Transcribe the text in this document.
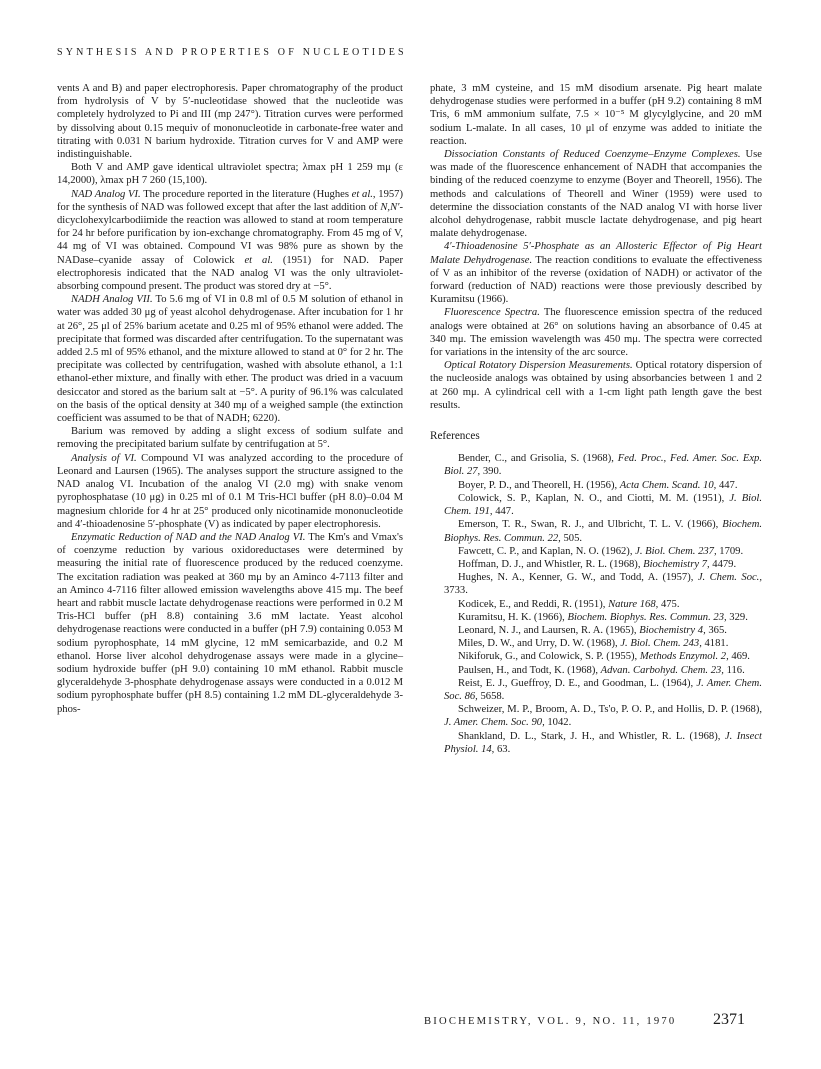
SYNTHESIS AND PROPERTIES OF NUCLEOTIDES

vents A and B) and paper electrophoresis. Paper chromatography of the product from hydrolysis of V by 5′-nucleotidase showed that the nucleotide was completely hydrolyzed to Pi and III (mp 247°). Titration curves were performed by dissolving about 0.15 mequiv of mononucleotide in carbonate-free water and titrating with 0.031 N barium hydroxide. Titration curves for V and AMP were indistinguishable.

Both V and AMP gave identical ultraviolet spectra; λmax pH 1 259 mμ (ε 14,2000), λmax pH 7 260 (15,100).

NAD Analog VI. The procedure reported in the literature (Hughes et al., 1957) for the synthesis of NAD was followed except that after the last addition of N,N′-dicyclohexylcarbodiimide the reaction was allowed to stand at room temperature for 24 hr before purification by ion-exchange chromatography. From 45 mg of V, 44 mg of VI was obtained. Compound VI was 98% pure as shown by the NADase–cyanide assay of Colowick et al. (1951) for NAD. Paper electrophoresis indicated that the NAD analog VI was the only ultraviolet-absorbing compound present. The product was stored dry at −5°.

NADH Analog VII. To 5.6 mg of VI in 0.8 ml of 0.5 M solution of ethanol in water was added 30 μg of yeast alcohol dehydrogenase. After incubation for 1 hr at 26°, 25 μl of 25% barium acetate and 0.25 ml of 95% ethanol were added. The precipitate that formed was discarded after centrifugation. To the supernatant was added 2.5 ml of 95% ethanol, and the mixture allowed to stand at 0° for 2 hr. The precipitate was collected by centrifugation, washed with absolute ethanol, a 1:1 ethanol-ether mixture, and finally with ether. The product was dried in a vacuum desiccator and stored as the barium salt at −5°. A purity of 96.1% was calculated on the basis of the optical density at 340 mμ of a weighed sample (the extinction coefficient was assumed to be that of NADH; 6220).

Barium was removed by adding a slight excess of sodium sulfate and removing the precipitated barium sulfate by centrifugation at 5°.

Analysis of VI. Compound VI was analyzed according to the procedure of Leonard and Laursen (1965). The analyses support the structure assigned to the NAD analog VI. Incubation of the analog VI (2.0 mg) with snake venom pyrophosphatase (10 μg) in 0.25 ml of 0.1 M Tris-HCl buffer (pH 8.0)–0.04 M magnesium chloride for 4 hr at 25° produced only nicotinamide mononucleotide and 4′-thioadenosine 5′-phosphate (V) as indicated by paper electrophoresis.

Enzymatic Reduction of NAD and the NAD Analog VI. The Km's and Vmax's of coenzyme reduction by various oxidoreductases were determined by measuring the initial rate of fluorescence produced by the reduced coenzyme. The excitation radiation was peaked at 360 mμ by an Aminco 4-7113 filter and an Aminco 4-7116 filter allowed emission wavelengths above 415 mμ. The beef heart and rabbit muscle lactate dehydrogenase reactions were performed in 0.2 M Tris-HCl buffer (pH 8.8) containing 3.6 mM lactate. Yeast alcohol dehydrogenase reactions were conducted in a buffer (pH 7.9) containing 0.053 M sodium pyrophosphate, 14 mM glycine, 12 mM semicarbazide, and 0.2 M ethanol. Horse liver alcohol dehydrogenase assays were made in a glycine–sodium hydroxide buffer (pH 9.0) containing 10 mM ethanol. Rabbit muscle glyceraldehyde 3-phosphate dehydrogenase assays were conducted in a 0.012 M sodium pyrophosphate buffer (pH 8.5) containing 1.2 mM DL-glyceraldehyde 3-phos-

phate, 3 mM cysteine, and 15 mM disodium arsenate. Pig heart malate dehydrogenase studies were performed in a buffer (pH 9.2) containing 8 mM Tris, 6 mM ammonium sulfate, 7.5 × 10⁻⁵ M glycylglycine, and 20 mM sodium L-malate. In all cases, 10 μl of enzyme was added to initiate the reaction.

Dissociation Constants of Reduced Coenzyme–Enzyme Complexes. Use was made of the fluorescence enhancement of NADH that accompanies the binding of the reduced coenzyme to enzyme (Boyer and Theorell, 1956). The methods and calculations of Theorell and Winer (1959) were used to determine the dissociation constants of the NAD analog VI with horse liver alcohol dehydrogenase, rabbit muscle lactate dehydrogenase, and pig heart malate dehydrogenase.

4′-Thioadenosine 5′-Phosphate as an Allosteric Effector of Pig Heart Malate Dehydrogenase. The reaction conditions to evaluate the effectiveness of V as an inhibitor of the reverse (oxidation of NADH) or activator of the forward (reduction of NAD) reactions were those previously described by Kuramitsu (1966).

Fluorescence Spectra. The fluorescence emission spectra of the reduced analogs were obtained at 26° on solutions having an absorbance of 0.45 at 340 mμ. The emission wavelength was 450 mμ. The spectra were corrected for variations in the intensity of the arc source.

Optical Rotatory Dispersion Measurements. Optical rotatory dispersion of the nucleoside analogs was obtained by using absorbancies between 1 and 2 at 260 mμ. A cylindrical cell with a 1-cm light path length gave the best results.

References

Bender, C., and Grisolia, S. (1968), Fed. Proc., Fed. Amer. Soc. Exp. Biol. 27, 390.

Boyer, P. D., and Theorell, H. (1956), Acta Chem. Scand. 10, 447.

Colowick, S. P., Kaplan, N. O., and Ciotti, M. M. (1951), J. Biol. Chem. 191, 447.

Emerson, T. R., Swan, R. J., and Ulbricht, T. L. V. (1966), Biochem. Biophys. Res. Commun. 22, 505.

Fawcett, C. P., and Kaplan, N. O. (1962), J. Biol. Chem. 237, 1709.

Hoffman, D. J., and Whistler, R. L. (1968), Biochemistry 7, 4479.

Hughes, N. A., Kenner, G. W., and Todd, A. (1957), J. Chem. Soc., 3733.

Kodicek, E., and Reddi, R. (1951), Nature 168, 475.

Kuramitsu, H. K. (1966), Biochem. Biophys. Res. Commun. 23, 329.

Leonard, N. J., and Laursen, R. A. (1965), Biochemistry 4, 365.

Miles, D. W., and Urry, D. W. (1968), J. Biol. Chem. 243, 4181.

Nikiforuk, G., and Colowick, S. P. (1955), Methods Enzymol. 2, 469.

Paulsen, H., and Todt, K. (1968), Advan. Carbohyd. Chem. 23, 116.

Reist, E. J., Gueffroy, D. E., and Goodman, L. (1964), J. Amer. Chem. Soc. 86, 5658.

Schweizer, M. P., Broom, A. D., Ts'o, P. O. P., and Hollis, D. P. (1968), J. Amer. Chem. Soc. 90, 1042.

Shankland, D. L., Stark, J. H., and Whistler, R. L. (1968), J. Insect Physiol. 14, 63.

BIOCHEMISTRY, VOL. 9, NO. 11, 1970 2371
